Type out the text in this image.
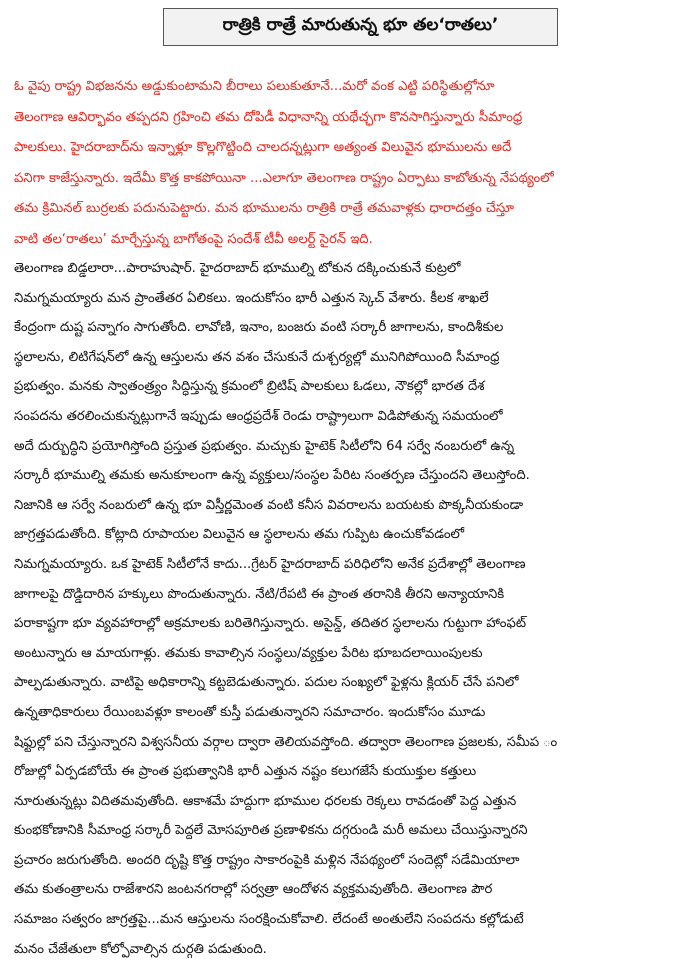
రాత్రికి రాత్రే మారుతున్న భూ తల‘రాతలు’
ఓ వైపు రాష్ట్ర విభజనను అడ్డుకుంటామని బీరాలు పలుకుతూనే...మరో వంక ఎట్టి పరిస్థితుల్లోనూ
తెలంగాణ ఆవిర్భావం తప్పదని గ్రహించి తమ దోపిడీ విధానాన్ని యథేచ్ఛగా కొనసాగిస్తున్నారు సీమాంధ్ర
పాలకులు. హైదరాబాద్‌ను ఇన్నాళ్లూ కొల్లగొట్టింది చాలదన్నట్లుగా అత్యంత విలువైన భూములను అదే
పనిగా కాజేస్తున్నారు. ఇదేమీ కొత్త కాకపోయినా ...ఎలాగూ తెలంగాణ రాష్ట్రం ఏర్పాటు కాబోతున్న నేపథ్యంలో
తమ క్రిమినల్ బుర్రలకు పదునుపెట్టారు. మన భూములను రాత్రికి రాత్రే తమవాళ్లకు ధారాదత్తం చేస్తూ
వాటి తల‘రాతలు’ మార్చేస్తున్న బాగోతంపై సందేశ్ టీవీ అలర్ట్ సైరన్ ఇది.
తెలంగాణ బిడ్డలారా...పారాహుషార్. హైదరాబాద్ భూముల్ని టోకున దక్కించుకునే కుట్రలో
నిమగ్నమయ్యారు మన ప్రాంతేతర ఏలికలు. ఇందుకోసం భారీ ఎత్తున స్కెచ్ వేశారు. కీలక శాఖలే
కేంద్రంగా దుష్ట పన్నాగం సాగుతోంది. లావోణి, ఇనాం, బంజరు వంటి సర్కారీ జాగాలను, కాందిశీకుల
స్థలాలను, లిటిగేషన్‌లో ఉన్న ఆస్తులను తన వశం చేసుకునే దుశ్చర్యల్లో మునిగిపోయింది సీమాంధ్ర
ప్రభుత్వం. మనకు స్వాతంత్ర్యం సిద్ధిస్తున్న క్రమంలో బ్రిటిష్ పాలకులు ఓడలు, నౌకల్లో భారత దేశ
సంపదను తరలించుకున్నట్లుగానే ఇప్పుడు ఆంధ్రప్రదేశ్ రెండు రాష్ట్రాలుగా విడిపోతున్న సమయంలో
అదే దుర్బుద్ధిని ప్రయోగిస్తోంది ప్రస్తుత ప్రభుత్వం. మచ్చుకు హైటెక్ సిటీలోని 64 సర్వే నంబరులో ఉన్న
సర్కారీ భూముల్ని తమకు అనుకూలంగా ఉన్న వ్యక్తులు/సంస్థల పేరిట సంతర్పణ చేస్తుందని తెలుస్తోంది.
నిజానికి ఆ సర్వే నంబరులో ఉన్న భూ విస్తీర్ణమెంత వంటి కనీస వివరాలను బయటకు పొక్కనీయకుండా
జాగ్రత్తపడుతోంది. కోట్లాది రూపాయల విలువైన ఆ స్థలాలను తమ గుప్పిట ఉంచుకోవడంలో
నిమగ్నమయ్యారు. ఒక హైటెక్ సిటీలోనే కాదు...గ్రేటర్ హైదరాబాద్ పరిధిలోని అనేక ప్రదేశాల్లో తెలంగాణ
జాగాలపై దొడ్డిదారిన హక్కులు పొందుతున్నారు. నేటి/రేపటి ఈ ప్రాంత తరానికి తీరని అన్యాయానికి
పరాకాష్టగా భూ వ్యవహారాల్లో అక్రమాలకు బరితెగిస్తున్నారు. అసైన్డ్, తదితర స్థలాలను గుట్టుగా హాంఫట్
అంటున్నారు ఆ మాయగాళ్లు. తమకు కావాల్సిన సంస్థలు/వ్యక్తుల పేరిట భూబదలాయింపులకు
పాల్పడుతున్నారు. వాటిపై అధికారాన్ని కట్టబెడుతున్నారు. పదుల సంఖ్యలో ఫైళ్లను క్లియర్ చేసే పనిలో
ఉన్నతాధికారులు రేయింబవళ్లూ కాలంతో కుస్తీ పడుతున్నారని సమాచారం. ఇందుకోసం మూడు
షిఫ్టుల్లో పని చేస్తున్నారని విశ్వసనీయ వర్గాల ద్వారా తెలియవస్తోంది. తద్వారా తెలంగాణ ప్రజలకు, సమీప ం
రోజుల్లో ఏర్పడబోయే ఈ ప్రాంత ప్రభుత్వానికి భారీ ఎత్తున నష్టం కలుగజేసే కుయుక్తుల కత్తులు
నూరుతున్నట్లు విదితమవుతోంది. ఆకాశమే హద్దుగా భూముల ధరలకు రెక్కలు రావడంతో పెద్ద ఎత్తున
కుంభకోణానికి సీమాంధ్ర సర్కారీ పెద్దలే మోసపూరిత ప్రణాళికను దగ్గరుండి మరీ అమలు చేయిస్తున్నారని
ప్రచారం జరుగుతోంది. అందరి దృష్టి కొత్త రాష్ట్రం సాకారంపైకి మళ్లిన నేపథ్యంలో సందెట్లో సడేమియాలా
తమ కుతంత్రాలను రాజేశారని జంటనగరాల్లో సర్వత్రా ఆందోళన వ్యక్తమవుతోంది. తెలంగాణ పౌర
సమాజం సత్వరం జాగ్రత్తపై...మన ఆస్తులను సంరక్షించుకోవాలి. లేదంటే అంతులేని సంపదను కల్లోడుటే
మనం చేజేతులా కోల్పోవాల్సిన దుర్గతి పడుతుంది.
